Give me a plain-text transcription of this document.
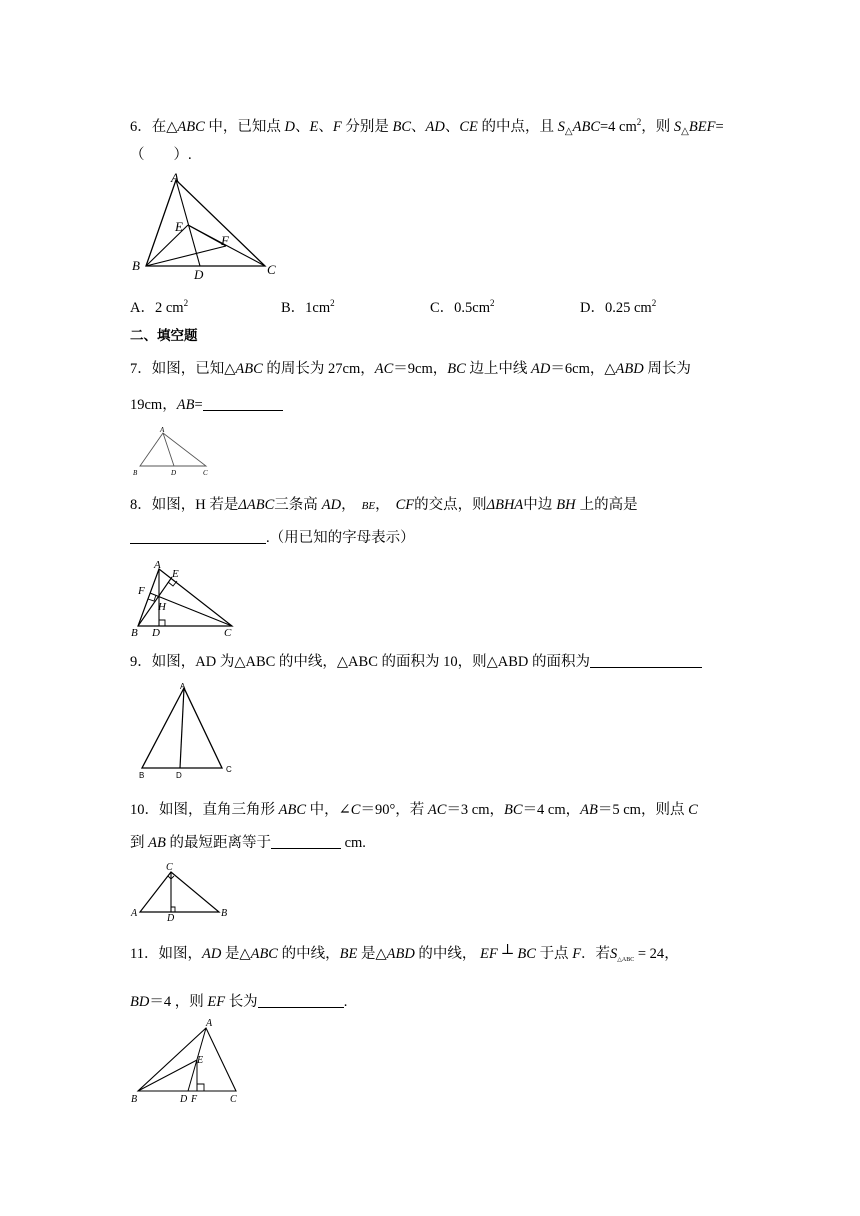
6．在△ABC 中，已知点 D、E、F 分别是 BC、AD、CE 的中点，且 $S_\triangle ABC=4$ $cm^2$，则 $S_\triangle BEF=$
（　　）.
A
B	C
D
E
F
A．2 $cm^2$	B．$1cm^2$	C．$0.5cm^2$	D．0.25 $cm^2$
二、填空题
7．如图，已知△ABC 的周长为 27cm，AC＝9cm，BC 边上中线 AD＝6cm，△ABD 周长为
19cm，AB=
A
B	D	C
8．如图，H 若是ΔABC三条高 AD， BE， CF的交点，则ΔBHA中边 BH 上的高是
.（用已知的字母表示）
A
E
F
H
B D	C
9．如图，AD 为△ABC 的中线，△ABC 的面积为 10，则△ABD 的面积为
A
B	D
C
10．如图，直角三角形 ABC 中，∠C＝90°，若 AC＝3 cm，BC＝4 cm，AB＝5 cm，则点 C
到 AB 的最短距离等于	cm.
C
A	D	B
11．如图，AD 是△ABC 的中线，BE 是△ABD 的中线， EF ⊥ BC 于点 F．若$S_{\triangle ABC} = 24$，
BD＝4 ，则 EF 长为	.
A
E
B	D F	C
